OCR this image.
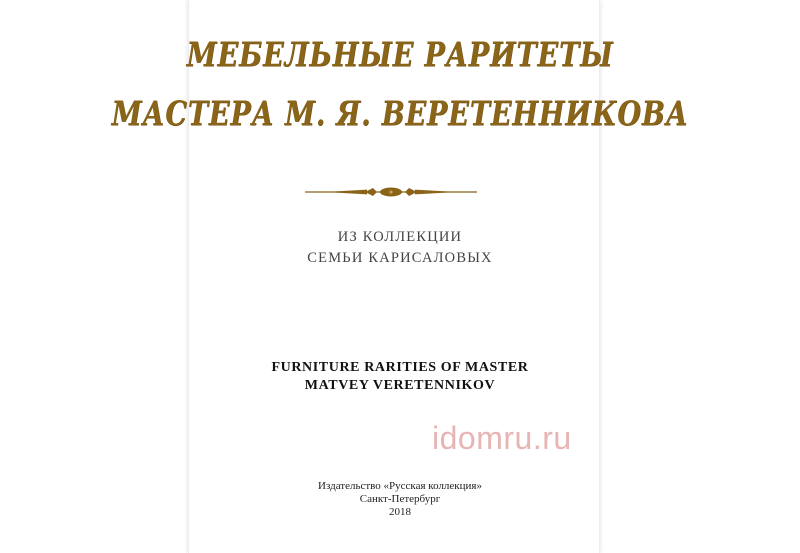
МЕБЕЛЬНЫЕ РАРИТЕТЫ
МАСТЕРА М. Я. ВЕРЕТЕННИКОВА
ИЗ КОЛЛЕКЦИИ
СЕМЬИ КАРИСАЛОВЫХ
FURNITURE RARITIES OF MASTER
MATVEY VERETENNIKOV
idomru.ru
Издательство «Русская коллекция»
Санкт-Петербург
2018
